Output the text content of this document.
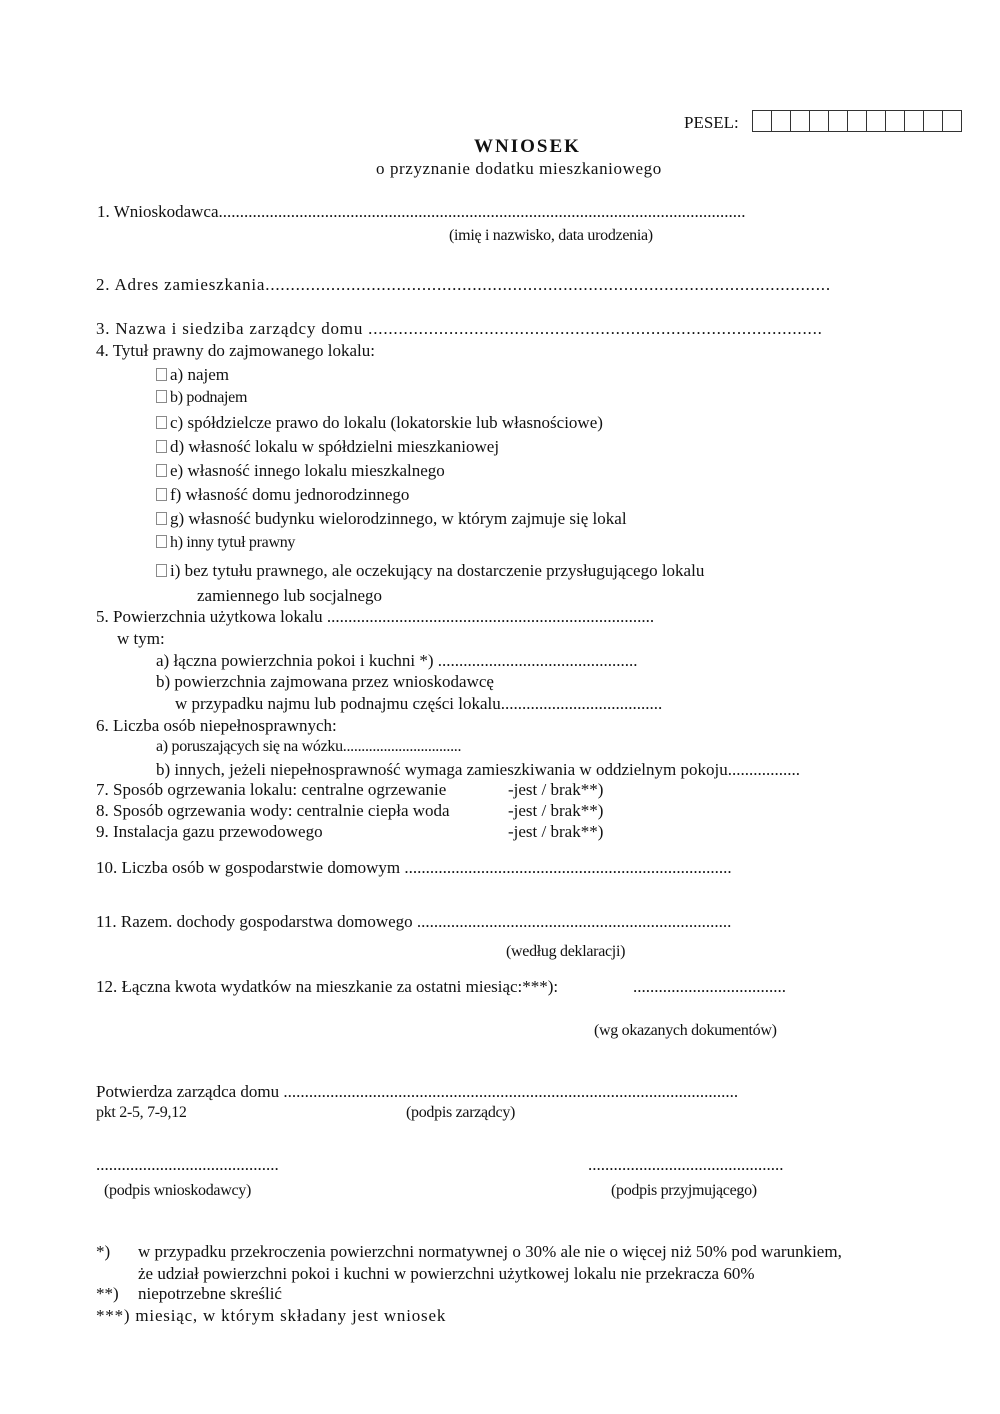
PESEL:
WNIOSEK
o przyznanie dodatku mieszkaniowego
1. Wnioskodawca............................................................................................................................
(imię i nazwisko, data urodzenia)
2. Adres zamieszkania................................................................................................................
3. Nazwa i siedziba zarządcy domu ..........................................................................................
4. Tytuł prawny do zajmowanego lokalu:
a) najem
b) podnajem
c) spółdzielcze prawo do lokalu (lokatorskie lub własnościowe)
d) własność lokalu w spółdzielni mieszkaniowej
e) własność innego lokalu mieszkalnego
f) własność domu jednorodzinnego
g) własność budynku wielorodzinnego, w którym zajmuje się lokal
h) inny tytuł prawny
i) bez tytułu prawnego, ale oczekujący na dostarczenie przysługującego lokalu
zamiennego lub socjalnego
5. Powierzchnia użytkowa lokalu .............................................................................
w tym:
a) łączna powierzchnia pokoi i kuchni *) ...............................................
b) powierzchnia zajmowana przez wnioskodawcę
w przypadku najmu lub podnajmu części lokalu......................................
6. Liczba osób niepełnosprawnych:
a) poruszających się na wózku................................
b) innych, jeżeli niepełnosprawność wymaga zamieszkiwania w oddzielnym pokoju.................
7. Sposób ogrzewania lokalu: centralne ogrzewanie	-jest / brak**)
8. Sposób ogrzewania wody: centralnie ciepła woda	-jest / brak**)
9. Instalacja gazu przewodowego	-jest / brak**)
10. Liczba osób w gospodarstwie domowym .............................................................................
11. Razem. dochody gospodarstwa domowego ..........................................................................
(według deklaracji)
12. Łączna kwota wydatków na mieszkanie za ostatni miesiąc:***):	....................................
(wg okazanych dokumentów)
Potwierdza zarządca domu ...........................................................................................................
pkt 2-5, 7-9,12	(podpis zarządcy)
...........................................
(podpis wnioskodawcy)
..............................................
(podpis przyjmującego)
*) w przypadku przekroczenia powierzchni normatywnej o 30% ale nie o więcej niż 50% pod warunkiem,
że udział powierzchni pokoi i kuchni w powierzchni użytkowej lokalu nie przekracza 60%
**) niepotrzebne skreślić
***) miesiąc, w którym składany jest wniosek
